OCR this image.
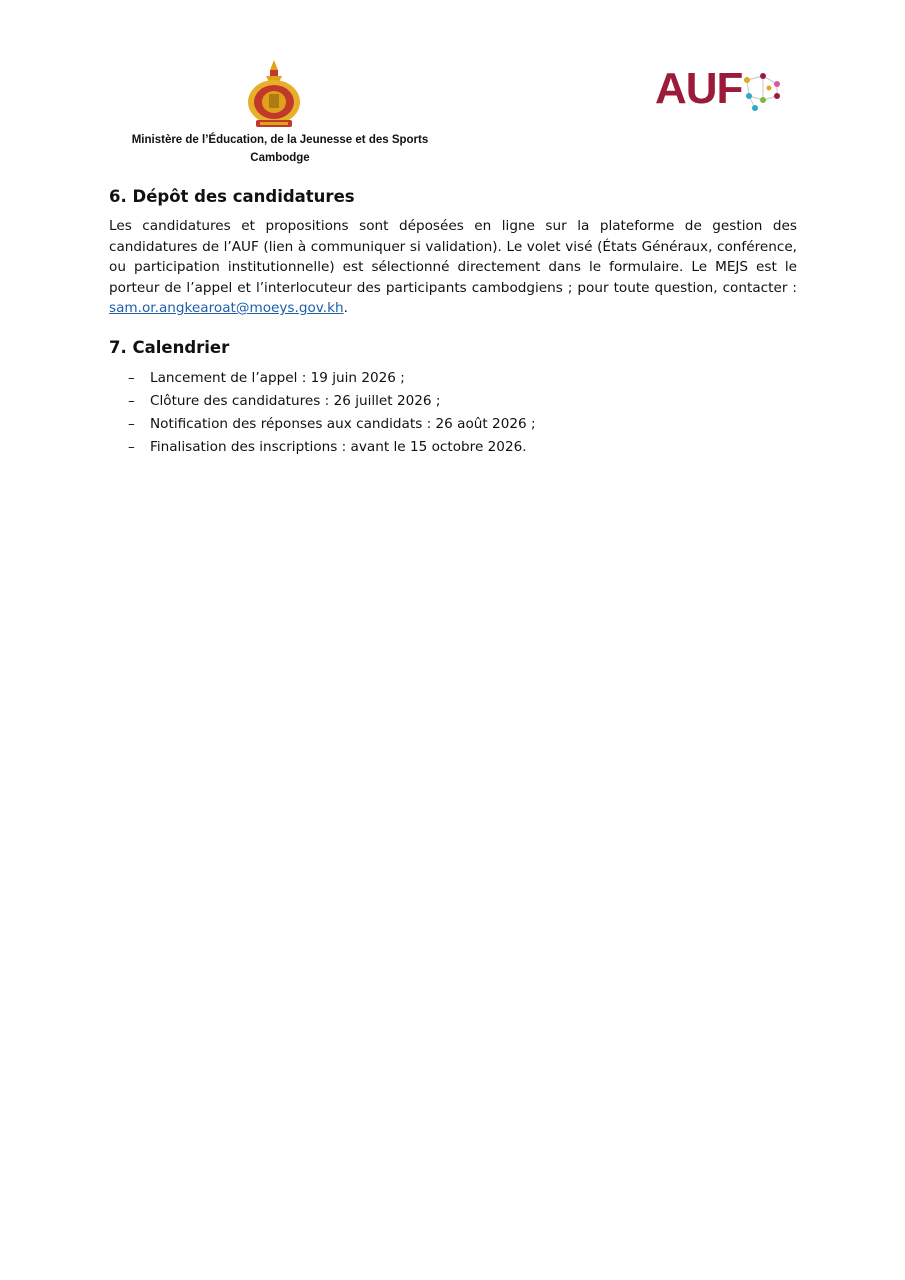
Ministère de l’Éducation, de la Jeunesse et des Sports
Cambodge
AUF
6. Dépôt des candidatures

Les candidatures et propositions sont déposées en ligne sur la plateforme de gestion des candidatures de l’AUF (lien à communiquer si validation). Le volet visé (États Généraux, conférence, ou participation institutionnelle) est sélectionné directement dans le formulaire. Le MEJS est le porteur de l’appel et l’interlocuteur des participants cambodgiens ; pour toute question, contacter : sam.or.angkearoat@moeys.gov.kh.

7. Calendrier
– Lancement de l’appel : 19 juin 2026 ;
– Clôture des candidatures : 26 juillet 2026 ;
– Notification des réponses aux candidats : 26 août 2026 ;
– Finalisation des inscriptions : avant le 15 octobre 2026.
